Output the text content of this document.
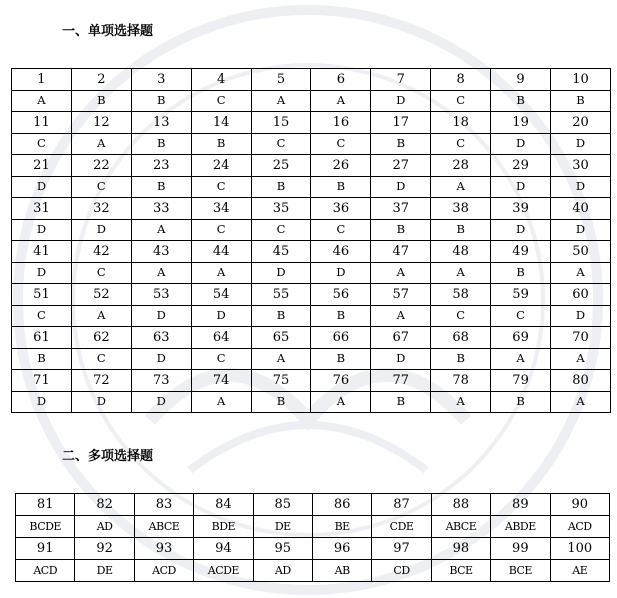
一、单项选择题
1	2	3	4	5	6	7	8	9	10
A	B	B	C	A	A	D	C	B	B
11	12	13	14	15	16	17	18	19	20
C	A	B	B	C	C	B	C	D	D
21	22	23	24	25	26	27	28	29	30
D	C	B	C	B	B	D	A	D	D
31	32	33	34	35	36	37	38	39	40
D	D	A	C	C	C	B	B	D	D
41	42	43	44	45	46	47	48	49	50
D	C	A	A	D	D	A	A	B	A
51	52	53	54	55	56	57	58	59	60
C	A	D	D	B	B	A	C	C	D
61	62	63	64	65	66	67	68	69	70
B	C	D	C	A	B	D	B	A	A
71	72	73	74	75	76	77	78	79	80
D	D	D	A	B	A	B	A	B	A
二、多项选择题
81	82	83	84	85	86	87	88	89	90
BCDE	AD	ABCE	BDE	DE	BE	CDE	ABCE	ABDE	ACD
91	92	93	94	95	96	97	98	99	100
ACD	DE	ACD	ACDE	AD	AB	CD	BCE	BCE	AE
